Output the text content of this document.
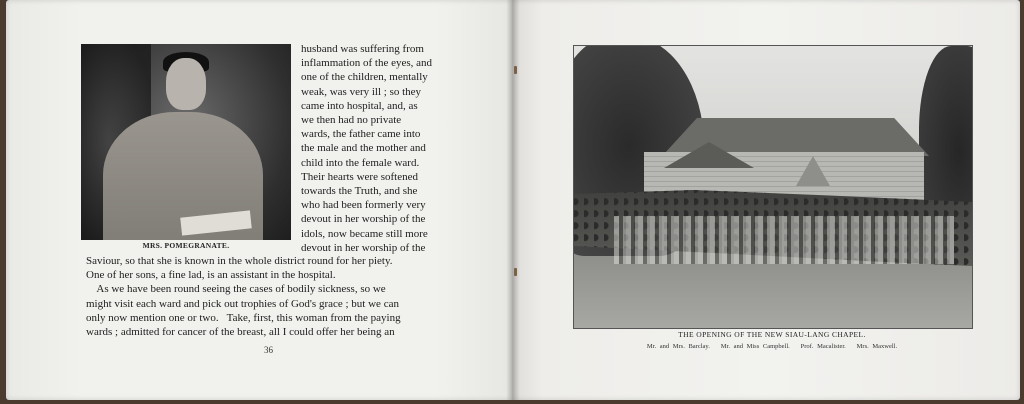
MRS. POMEGRANATE.
husband was suffering from
inflammation of the eyes, and
one of the children, mentally
weak, was very ill ; so they
came into hospital, and, as
we then had no private
wards, the father came into
the male and the mother and
child into the female ward.
Their hearts were softened
towards the Truth, and she
who had been formerly very
devout in her worship of the
idols, now became still more
devout in her worship of the
Saviour, so that she is known in the whole district round for her piety.
One of her sons, a fine lad, is an assistant in the hospital.
As we have been round seeing the cases of bodily sickness, so we
might visit each ward and pick out trophies of God's grace ; but we can
only now mention one or two.   Take, first, this woman from the paying
wards ; admitted for cancer of the breast, all I could offer her being an
36
THE OPENING OF THE NEW SIAU-LANG CHAPEL.
Mr. and Mrs. Barclay.   Mr. and Miss Campbell.   Prof. Macalister.   Mrs. Maxwell.
